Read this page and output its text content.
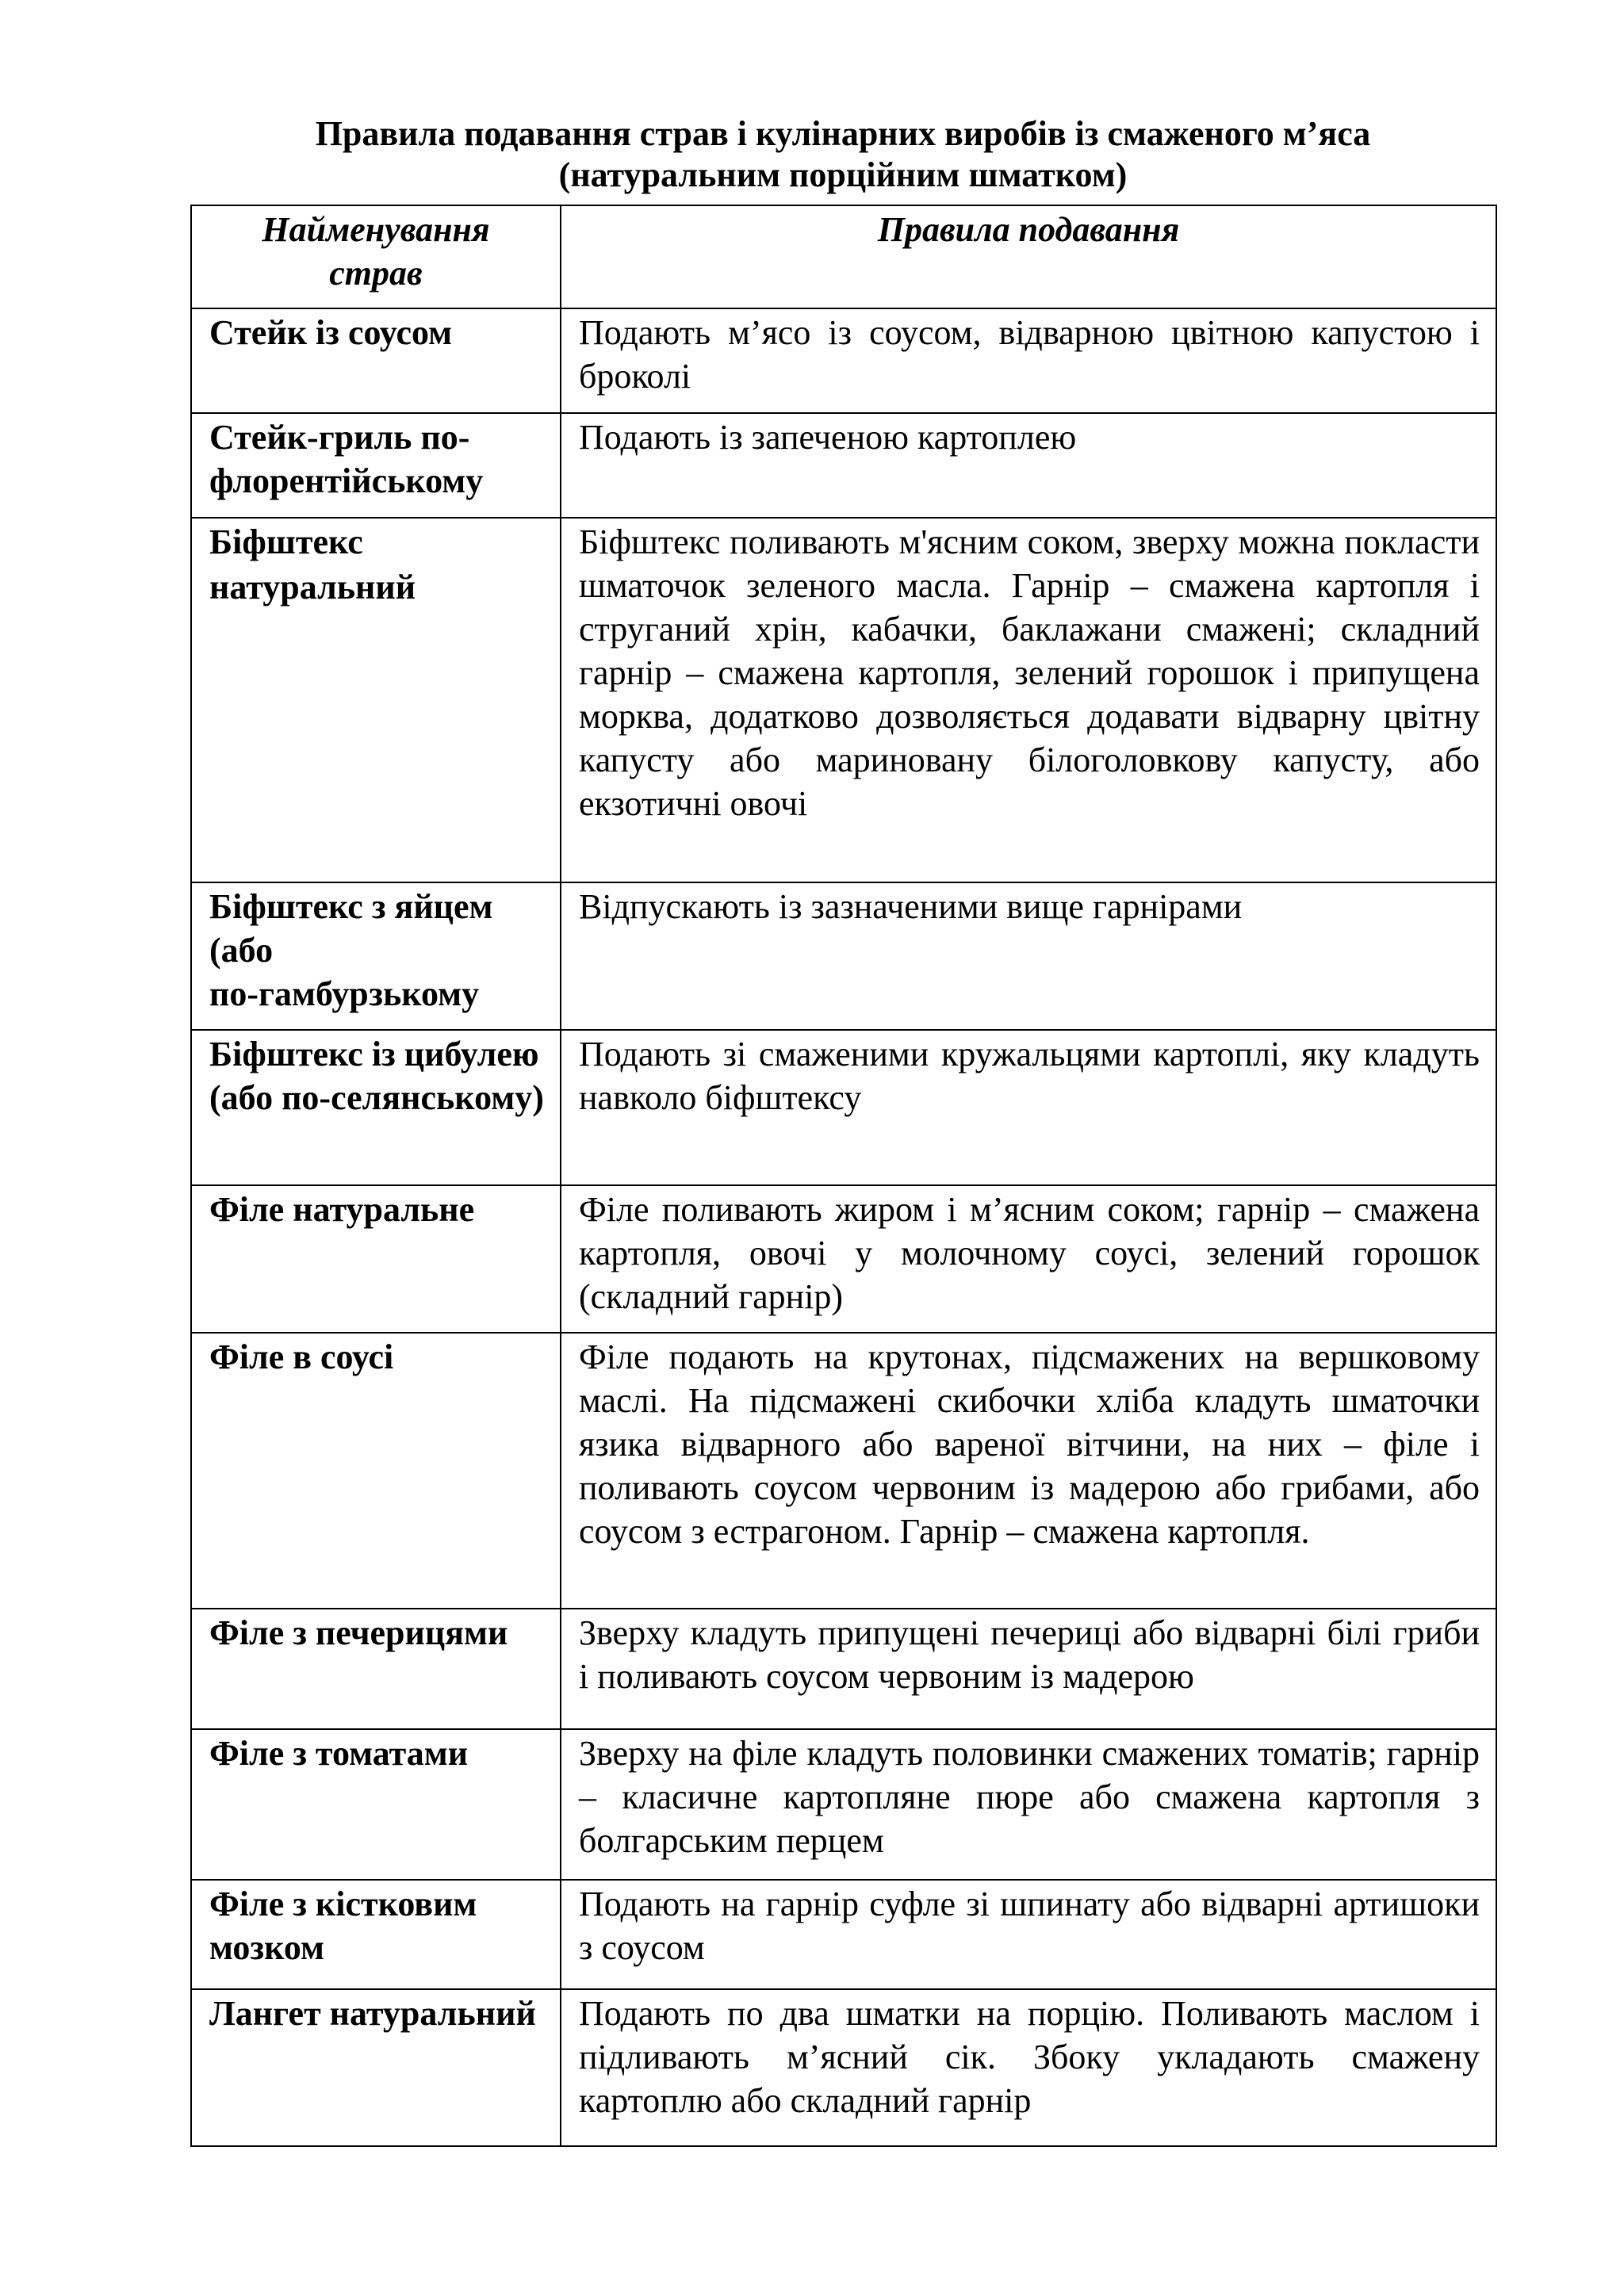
Правила подавання страв і кулінарних виробів із смаженого м’яса
(натуральним порційним шматком)
Найменування
страв	Правила подавання

Стейк із соусом	Подають м’ясо із соусом, відварною цвітною капустою і броколі
Стейк-гриль по-флорентійському	Подають із запеченою картоплею

Біфштекс
натуральний	Біфштекс поливають м'ясним соком, зверху можна покласти шматочок зеленого масла. Гарнір – смажена картопля і струганий хрін, кабачки, баклажани смажені; складний гарнір – смажена картопля, зелений горошок і припущена морква, додатково дозволяється додавати відварну цвітну капусту або мариновану білоголовкову капусту, або екзотичні овочі

Біфштекс з яйцем (або
по-гамбурзькому	Відпускають із зазначеними вище гарнірами
Біфштекс із цибулею (або по-селянському)	Подають зі смаженими кружальцями картоплі, яку кладуть навколо біфштексу
Філе натуральне	Філе поливають жиром і м’ясним соком; гарнір – смажена картопля, овочі у молочному соусі, зелений горошок (складний гарнір)
Філе в соусі	Філе подають на крутонах, підсмажених на вершковому маслі. На підсмажені скибочки хліба кладуть шматочки язика відварного або вареної вітчини, на них – філе і поливають соусом червоним із мадерою або грибами, або соусом з естрагоном. Гарнір – смажена картопля.
Філе з печерицями	Зверху кладуть припущені печериці або відварні білі гриби і поливають соусом червоним із мадерою
Філе з томатами	Зверху на філе кладуть половинки смажених томатів; гарнір – класичне картопляне пюре або смажена картопля з болгарським перцем
Філе з кістковим мозком	Подають на гарнір суфле зі шпинату або відварні артишоки з соусом
Лангет натуральний	Подають по два шматки на порцію. Поливають маслом і підливають м’ясний сік. Збоку укладають смажену картоплю або складний гарнір
